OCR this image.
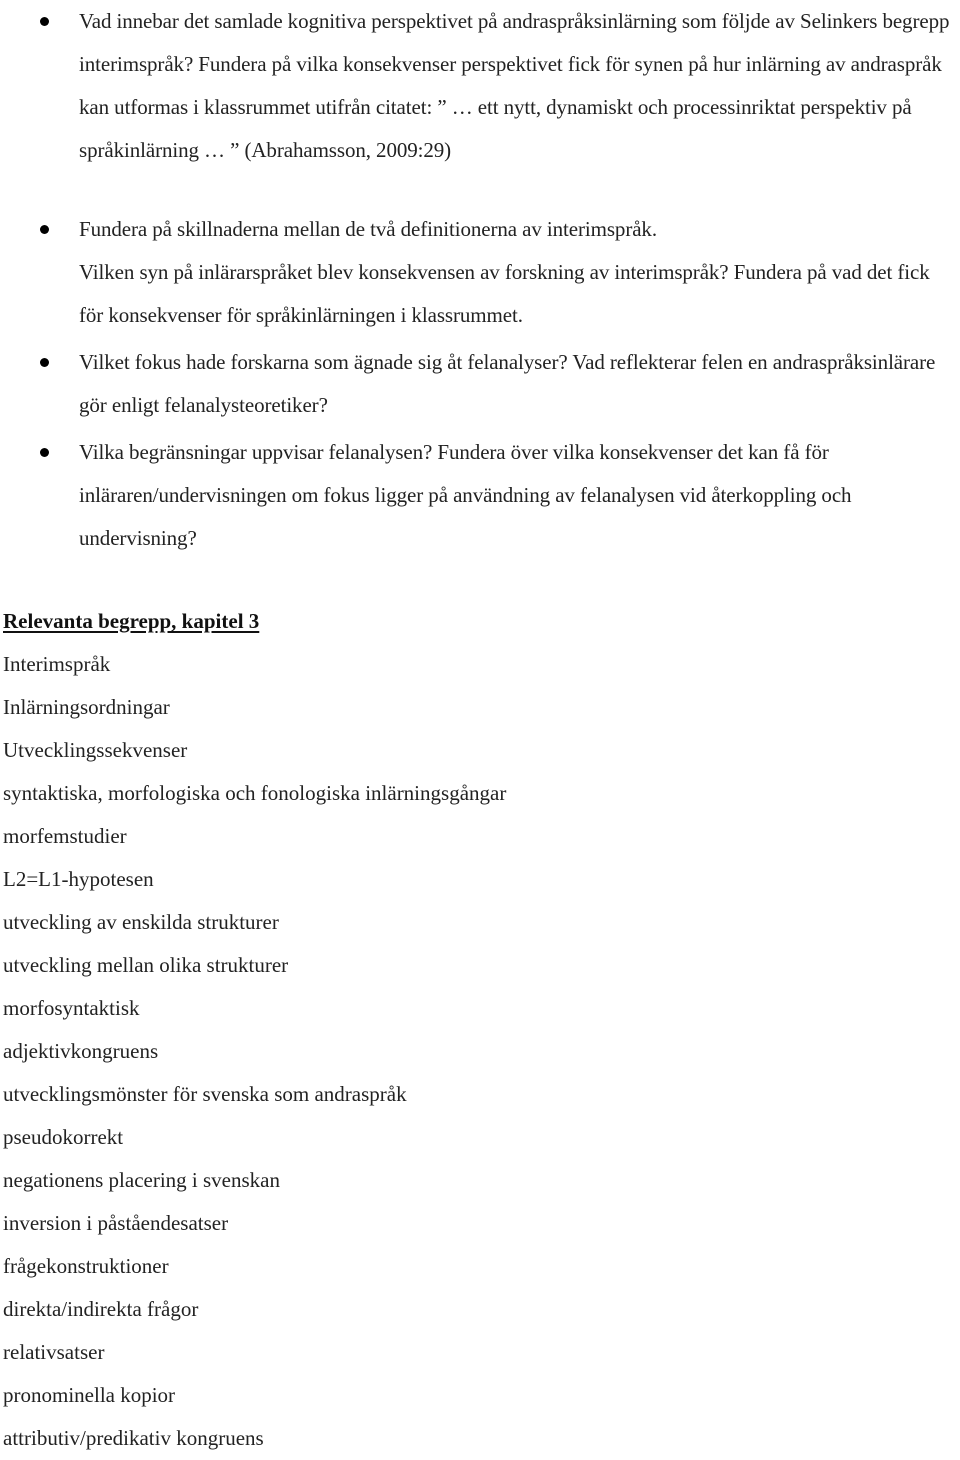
Vad innebar det samlade kognitiva perspektivet på andraspråksinlärning som följde av Selinkers begrepp interimspråk? Fundera på vilka konsekvenser perspektivet fick för synen på hur inlärning av andraspråk kan utformas i klassrummet utifrån citatet: ” … ett nytt, dynamiskt och processinriktat perspektiv på språkinlärning … ” (Abrahamsson, 2009:29)
Fundera på skillnaderna mellan de två definitionerna av interimspråk.
Vilken syn på inlärarspråket blev konsekvensen av forskning av interimspråk? Fundera på vad det fick för konsekvenser för språkinlärningen i klassrummet.
Vilket fokus hade forskarna som ägnade sig åt felanalyser? Vad reflekterar felen en andraspråksinlärare gör enligt felanalysteoretiker?
Vilka begränsningar uppvisar felanalysen? Fundera över vilka konsekvenser det kan få för inläraren/undervisningen om fokus ligger på användning av felanalysen vid återkoppling och undervisning?
Relevanta begrepp, kapitel 3
Interimspråk
Inlärningsordningar
Utvecklingssekvenser
syntaktiska, morfologiska och fonologiska inlärningsgångar
morfemstudier
L2=L1-hypotesen
utveckling av enskilda strukturer
utveckling mellan olika strukturer
morfosyntaktisk
adjektivkongruens
utvecklingsmönster för svenska som andraspråk
pseudokorrekt
negationens placering i svenskan
inversion i påståendesatser
frågekonstruktioner
direkta/indirekta frågor
relativsatser
pronominella kopior
attributiv/predikativ kongruens
